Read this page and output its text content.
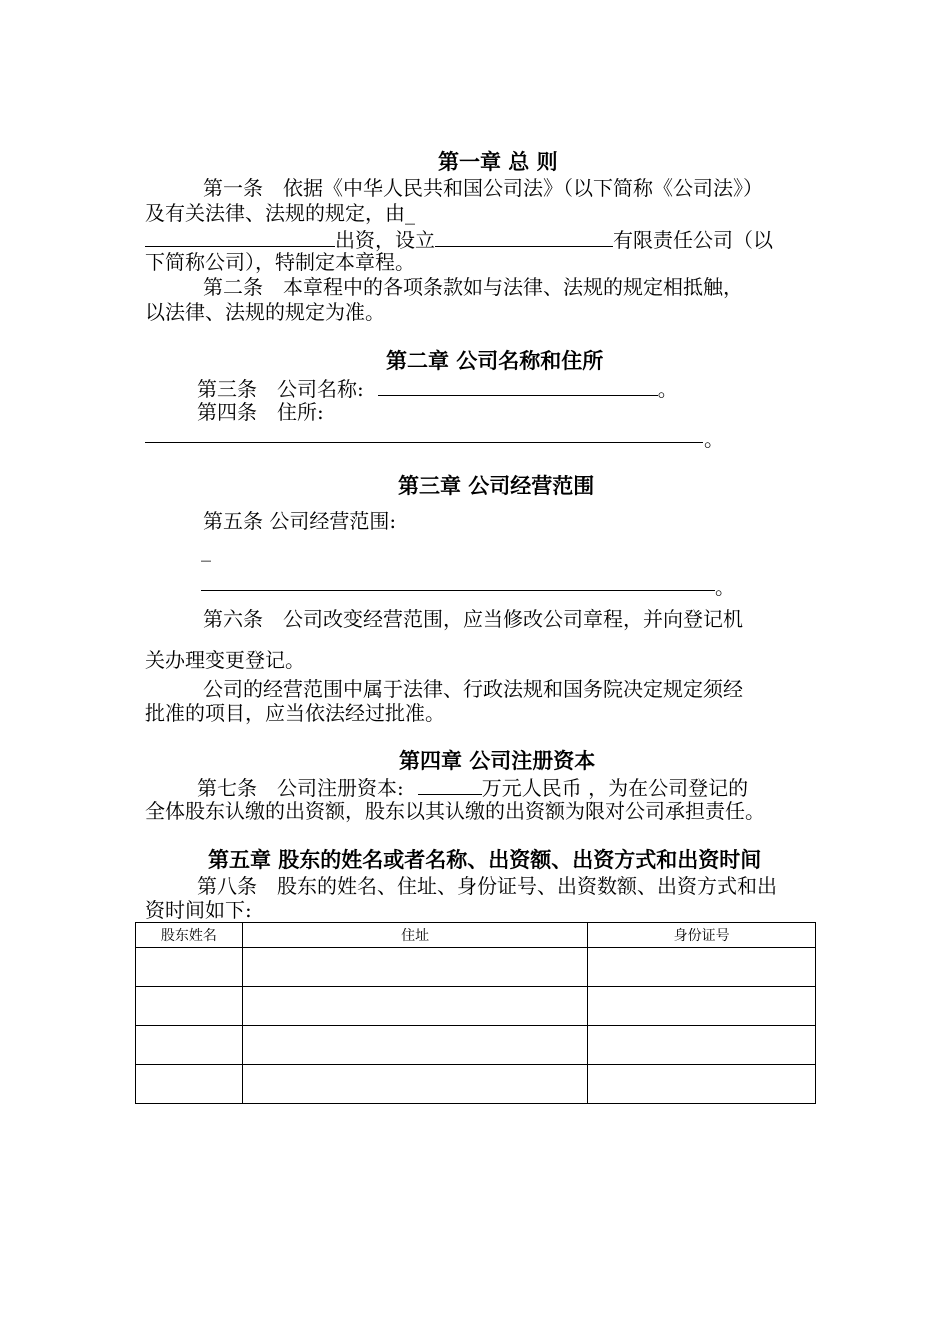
第一章 总 则
第一条　依据《中华人民共和国公司法》（以下简称《公司法》）
及有关法律、法规的规定，由_
出资，设立	有限责任公司（以
下简称公司），特制定本章程。
第二条　本章程中的各项条款如与法律、法规的规定相抵触，
以法律、法规的规定为准。
第二章 公司名称和住所
第三条　公司名称:	。
第四条　住所:
。
第三章 公司经营范围
第五条 公司经营范围:
_
。
第六条　公司改变经营范围，应当修改公司章程，并向登记机
关办理变更登记。
公司的经营范围中属于法律、行政法规和国务院决定规定须经
批准的项目，应当依法经过批准。
第四章 公司注册资本
第七条　公司注册资本:	万元人民币 ，为在公司登记的
全体股东认缴的出资额，股东以其认缴的出资额为限对公司承担责任。
第五章 股东的姓名或者名称、出资额、出资方式和出资时间
第八条　股东的姓名、住址、身份证号、出资数额、出资方式和出
资时间如下:
股东姓名	住址	身份证号
